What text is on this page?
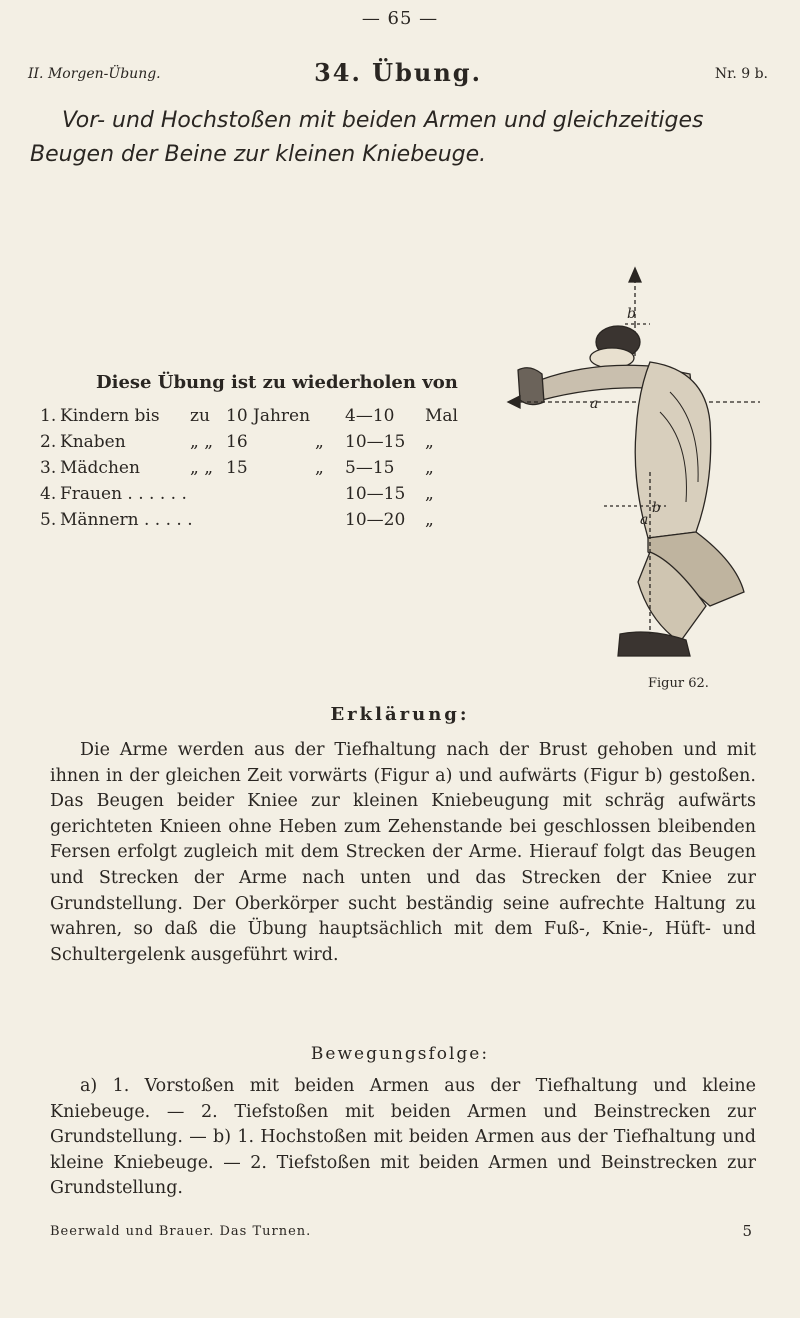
— 65 —
II. Morgen-Übung.	34. Übung.	Nr. 9 b.
Vor- und Hochstoßen mit beiden Armen und gleichzeitiges
Beugen der Beine zur kleinen Kniebeuge.
Diese Übung ist zu wiederholen von
1. Kindern bis zu 10 Jahren 4—10 Mal
2. Knaben	„ „ 16	„ 10—15 „
3. Mädchen	„ „ 15	„ 5—15 „
4. Frauen . . . . . .	10—15 „
5. Männern . . . . .	10—20 „
a
b
b
a
Figur 62.
Erklärung:

Die Arme werden aus der Tiefhaltung nach der Brust gehoben und mit ihnen in der gleichen Zeit vorwärts (Figur a) und aufwärts (Figur b) gestoßen. Das Beugen beider Kniee zur kleinen Kniebeugung mit schräg aufwärts gerichteten Knieen ohne Heben zum Zehenstande bei geschlossen bleibenden Fersen erfolgt zugleich mit dem Strecken der Arme. Hierauf folgt das Beugen und Strecken der Arme nach unten und das Strecken der Kniee zur Grundstellung. Der Oberkörper sucht beständig seine aufrechte Haltung zu wahren, so daß die Übung hauptsächlich mit dem Fuß-, Knie-, Hüft- und Schultergelenk ausgeführt wird.

Bewegungsfolge:

a) 1. Vorstoßen mit beiden Armen aus der Tiefhaltung und kleine Kniebeuge. — 2. Tiefstoßen mit beiden Armen und Beinstrecken zur Grundstellung. — b) 1. Hochstoßen mit beiden Armen aus der Tiefhaltung und kleine Kniebeuge. — 2. Tiefstoßen mit beiden Armen und Beinstrecken zur Grundstellung.

Beerwald und Brauer. Das Turnen.	5
